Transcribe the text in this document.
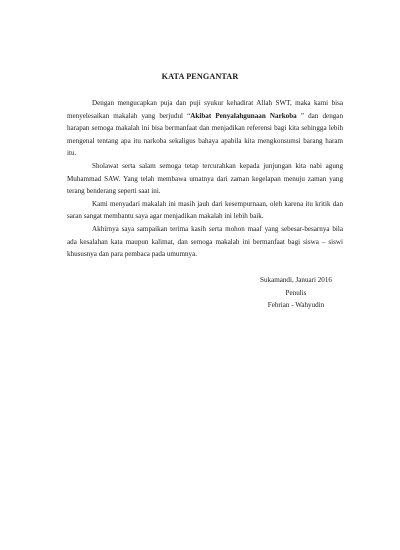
KATA PENGANTAR

Dengan mengucapkan puja dan puji syukur kehadirat Allah SWT, maka kami bisa menyelesaikan makalah yang berjudul “Akibat Penyalahgunaan Narkoba ” dan dengan harapan semoga makalah ini bisa bermanfaat dan menjadikan referensi bagi kita sehingga lebih mengenal tentang apa itu narkoba sekaligus bahaya apabila kita mengkonsumsi barang haram itu.

Sholawat serta salam semoga tetap tercurahkan kepada junjungan kita nabi agung Muhammad SAW. Yang telah membawa umatnya dari zaman kegelapan menuju zaman yang terang benderang seperti saat ini.

Kami menyadari makalah ini masih jauh dari kesempurnaan, oleh karena itu kritik dan saran sangat membantu saya agar menjadikan makalah ini lebih baik.

Akhirnya saya sampaikan terima kasih serta mohon maaf yang sebesar-besarnya bila ada kesalahan kata maupun kalimat, dan semoga makalah ini bermanfaat bagi siswa – siswi khususnya dan para pembaca pada umumnya.

Sukamandi, Januari 2016
Penulis
Febrian - Wahyudin
